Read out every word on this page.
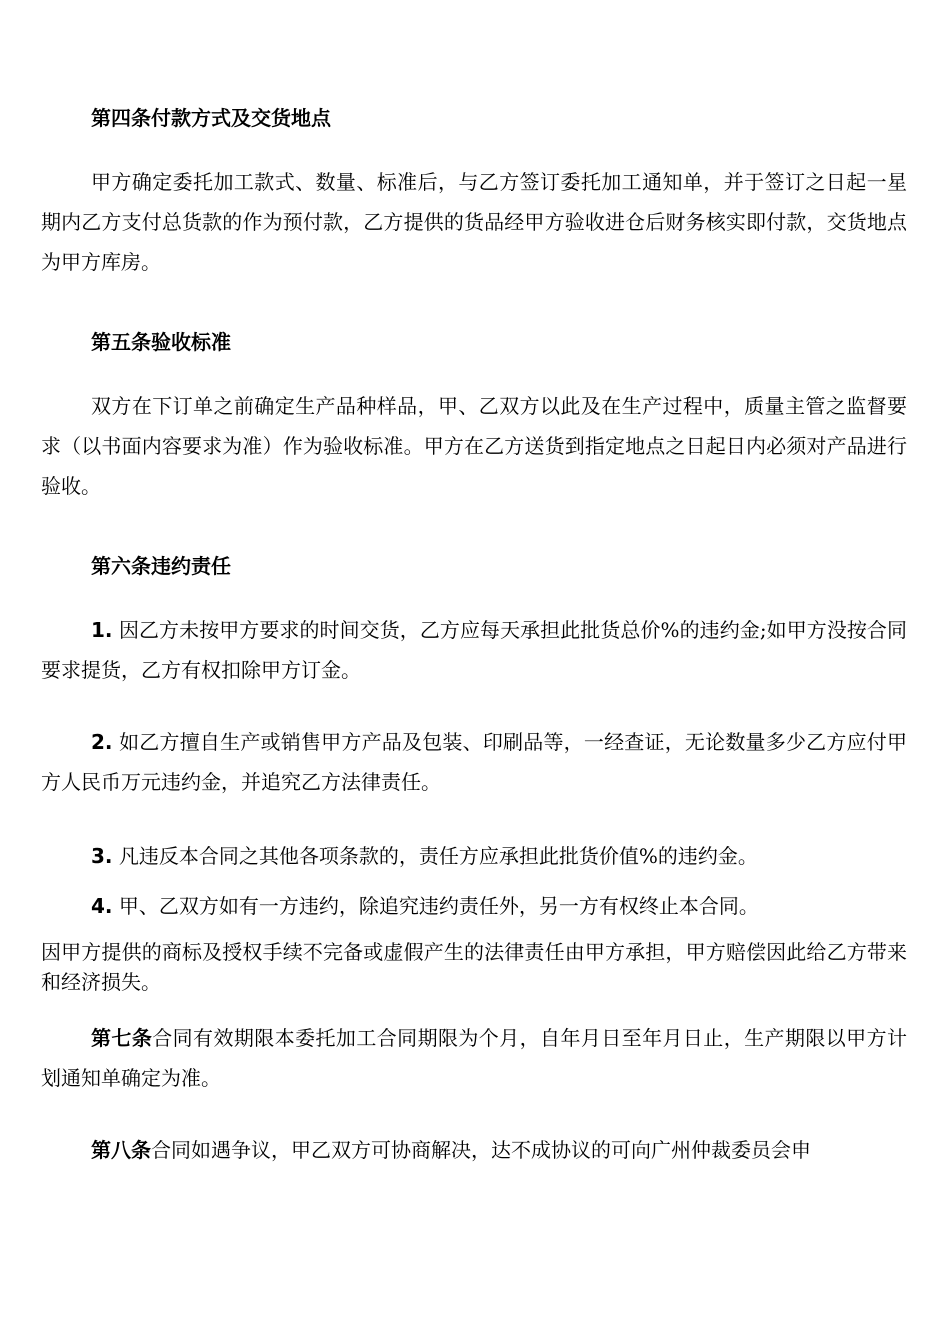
第四条付款方式及交货地点

甲方确定委托加工款式、数量、标准后，与乙方签订委托加工通知单，并于签订之日起一星期内乙方支付总货款的作为预付款，乙方提供的货品经甲方验收进仓后财务核实即付款，交货地点为甲方库房。

第五条验收标准

双方在下订单之前确定生产品种样品，甲、乙双方以此及在生产过程中，质量主管之监督要求（以书面内容要求为准）作为验收标准。甲方在乙方送货到指定地点之日起日内必须对产品进行验收。

第六条违约责任

1. 因乙方未按甲方要求的时间交货，乙方应每天承担此批货总价%的违约金;如甲方没按合同要求提货，乙方有权扣除甲方订金。

2. 如乙方擅自生产或销售甲方产品及包装、印刷品等，一经查证，无论数量多少乙方应付甲方人民币万元违约金，并追究乙方法律责任。

3. 凡违反本合同之其他各项条款的，责任方应承担此批货价值%的违约金。

4. 甲、乙双方如有一方违约，除追究违约责任外，另一方有权终止本合同。

因甲方提供的商标及授权手续不完备或虚假产生的法律责任由甲方承担，甲方赔偿因此给乙方带来和经济损失。

第七条合同有效期限本委托加工合同期限为个月，自年月日至年月日止，生产期限以甲方计划通知单确定为准。

第八条合同如遇争议，甲乙双方可协商解决，达不成协议的可向广州仲裁委员会申
